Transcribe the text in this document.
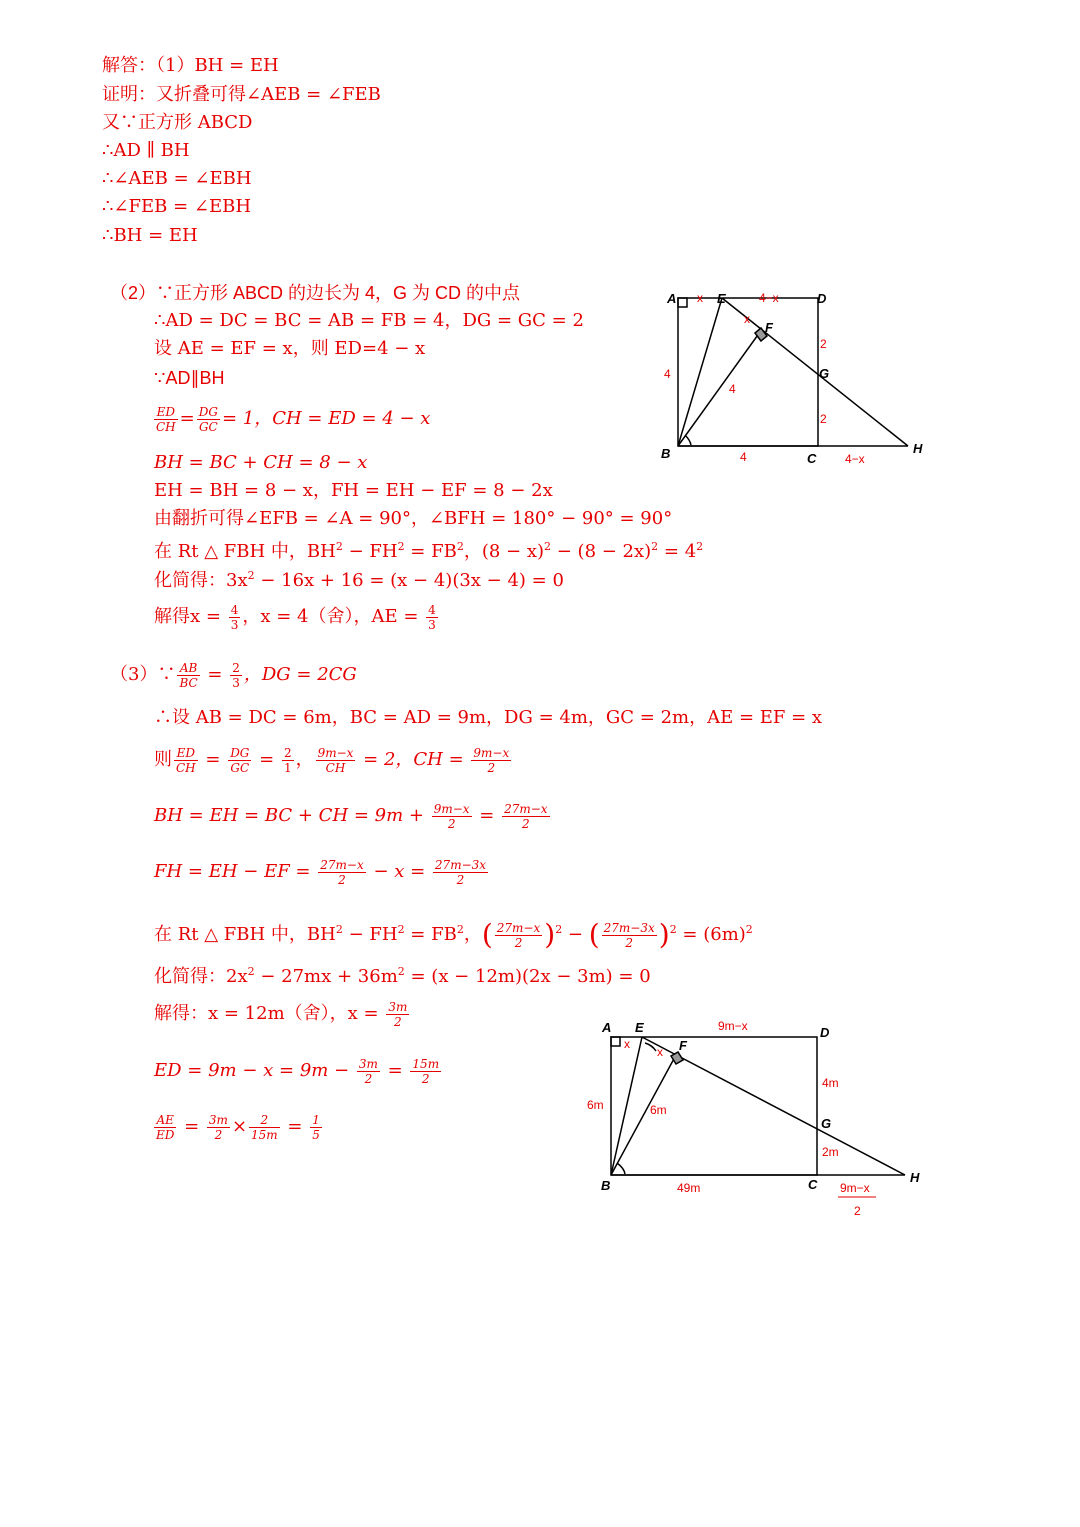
解答：（1）BH = EH
证明：又折叠可得∠AEB = ∠FEB
又∵正方形 ABCD
∴AD ∥ BH
∴∠AEB = ∠EBH
∴∠FEB = ∠EBH
∴BH = EH
（2）∵正方形 ABCD 的边长为 4，G 为 CD 的中点
∴AD = DC = BC = AB = FB = 4，DG = GC = 2
设 AE = EF = x，则 ED=4 − x
∵AD∥BH
$\frac{ED}{CH} = \frac{DG}{GC} = 1$，CH = ED = 4 − x
BH = BC + CH = 8 − x
EH = BH = 8 − x，FH = EH − EF = 8 − 2x
由翻折可得∠EFB = ∠A = 90°，∠BFH = 180° − 90° = 90°
在 Rt △ FBH 中，$BH^2 - FH^2 = FB^2$，$(8 - x)^2 - (8 - 2x)^2 = 4^2$
化简得：$3x^2 - 16x + 16 = (x - 4)(3x - 4) = 0$
解得$x = \frac{4}{3}$ ，x = 4（舍），AE = $\frac{4}{3}$
A	E	D
F
G
B	C
H
x
x
4−x
2
2
4
4
4	4−x
（3）∵ $\frac{AB}{BC} = \frac{2}{3}$ ，DG = 2CG
∴设 AB = DC = 6m，BC = AD = 9m，DG = 4m，GC = 2m，AE = EF = x
则 $\frac{ED}{CH} = \frac{DG}{GC} = \frac{2}{1}$ ， $\frac{9m-x}{CH} = 2$，CH = $\frac{9m-x}{2}$
BH = EH = BC + CH = $9m + \frac{9m-x}{2} = \frac{27m-x}{2}$
FH = EH − EF = $\frac{27m-x}{2} - x = \frac{27m-3x}{2}$
在 Rt △ FBH 中，$BH^2 - FH^2 = FB^2$，( $\frac{27m-x}{2} )^2$ − ( $\frac{27m-3x}{2} )^2 = (6m)^2$
化简得：$2x^2 - 27mx + 36m^2 = (x - 12m)(2x - 3m) = 0$
解得：x = 12m（舍），$x = \frac{3m}{2}$
ED = $9m - x = 9m - \frac{3m}{2} = \frac{15m}{2}$
$\frac{AE}{ED} = \frac{3m}{2} \times \frac{2}{15m} = \frac{1}{5}$
A E	D
F
G
B	C	H
x
x
9m−x
4m
2m
6m	6m
49m	9m−x
2
